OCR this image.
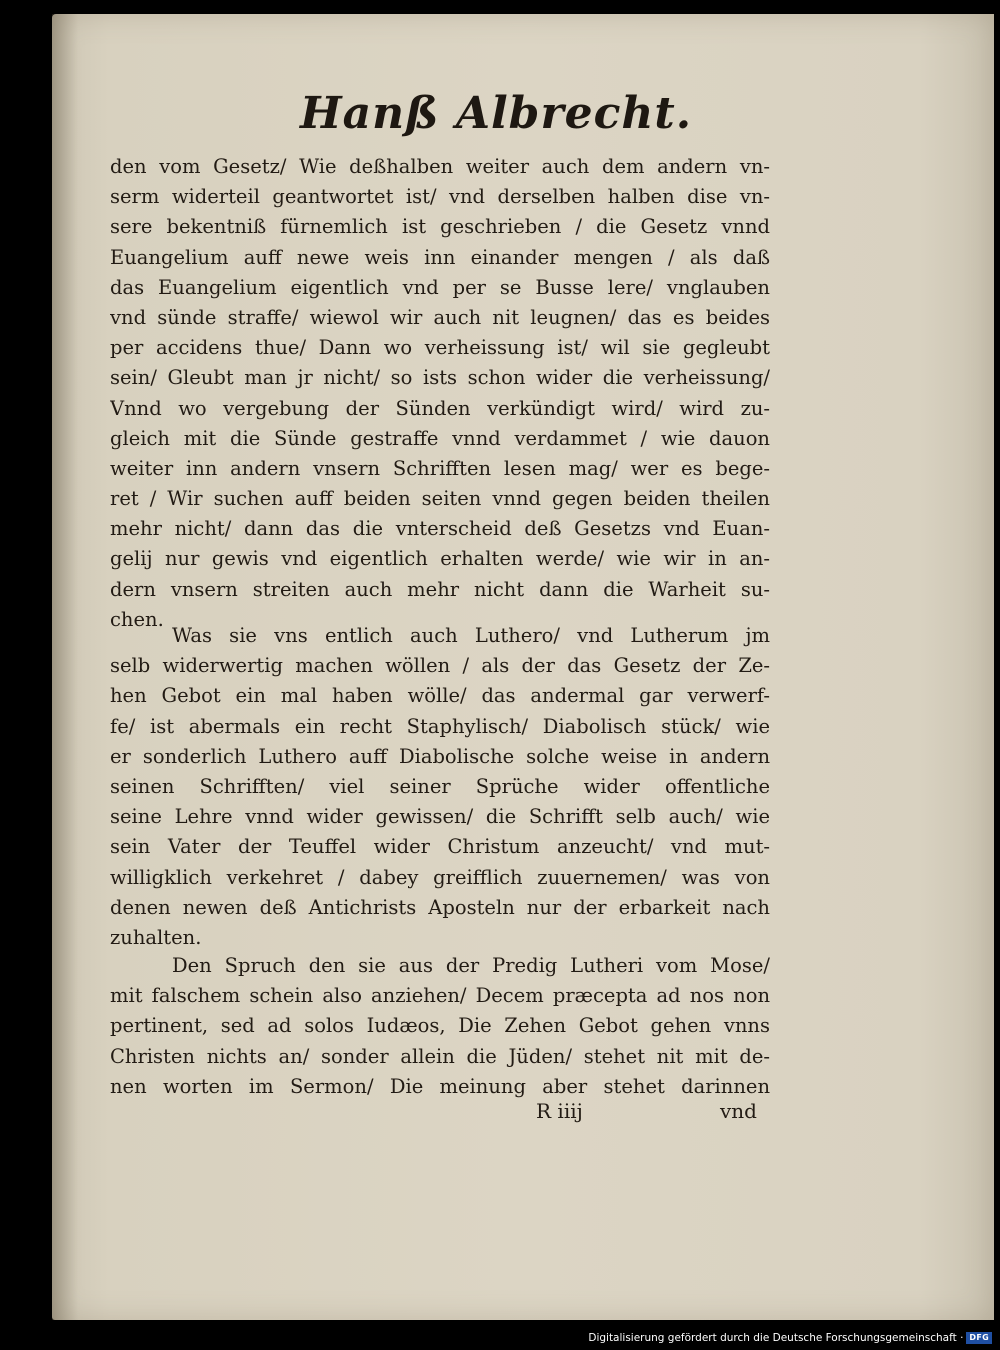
Hanß Albrecht.
den vom Gesetz/ Wie deßhalben weiter auch dem andern vn-
serm widerteil geantwortet ist/ vnd derselben halben dise vn-
sere bekentniß fürnemlich ist geschrieben / die Gesetz vnnd
Euangelium auff newe weis inn einander mengen / als daß
das Euangelium eigentlich vnd per se Busse lere/ vnglauben
vnd sünde straffe/ wiewol wir auch nit leugnen/ das es beides
per accidens thue/ Dann wo verheissung ist/ wil sie gegleubt
sein/ Gleubt man jr nicht/ so ists schon wider die verheissung/
Vnnd wo vergebung der Sünden verkündigt wird/ wird zu-
gleich mit die Sünde gestraffe vnnd verdammet / wie dauon
weiter inn andern vnsern Schrifften lesen mag/ wer es bege-
ret / Wir suchen auff beiden seiten vnnd gegen beiden theilen
mehr nicht/ dann das die vnterscheid deß Gesetzs vnd Euan-
gelij nur gewis vnd eigentlich erhalten werde/ wie wir in an-
dern vnsern streiten auch mehr nicht dann die Warheit su-
chen.
Was sie vns entlich auch Luthero/ vnd Lutherum jm
selb widerwertig machen wöllen / als der das Gesetz der Ze-
hen Gebot ein mal haben wölle/ das andermal gar verwerf-
fe/ ist abermals ein recht Staphylisch/ Diabolisch stück/ wie
er sonderlich Luthero auff Diabolische solche weise in andern
seinen Schrifften/ viel seiner Sprüche wider offentliche
seine Lehre vnnd wider gewissen/ die Schrifft selb auch/ wie
sein Vater der Teuffel wider Christum anzeucht/ vnd mut-
willigklich verkehret / dabey greifflich zuuernemen/ was von
denen newen deß Antichrists Aposteln nur der erbarkeit nach
zuhalten.
Den Spruch den sie aus der Predig Lutheri vom Mose/
mit falschem schein also anziehen/ Decem præcepta ad nos non
pertinent, sed ad solos Iudæos, Die Zehen Gebot gehen vnns
Christen nichts an/ sonder allein die Jüden/ stehet nit mit de-
nen worten im Sermon/ Die meinung aber stehet darinnen
R iiij	vnd
Digitalisierung gefördert durch die Deutsche Forschungsgemeinschaft · DFG
